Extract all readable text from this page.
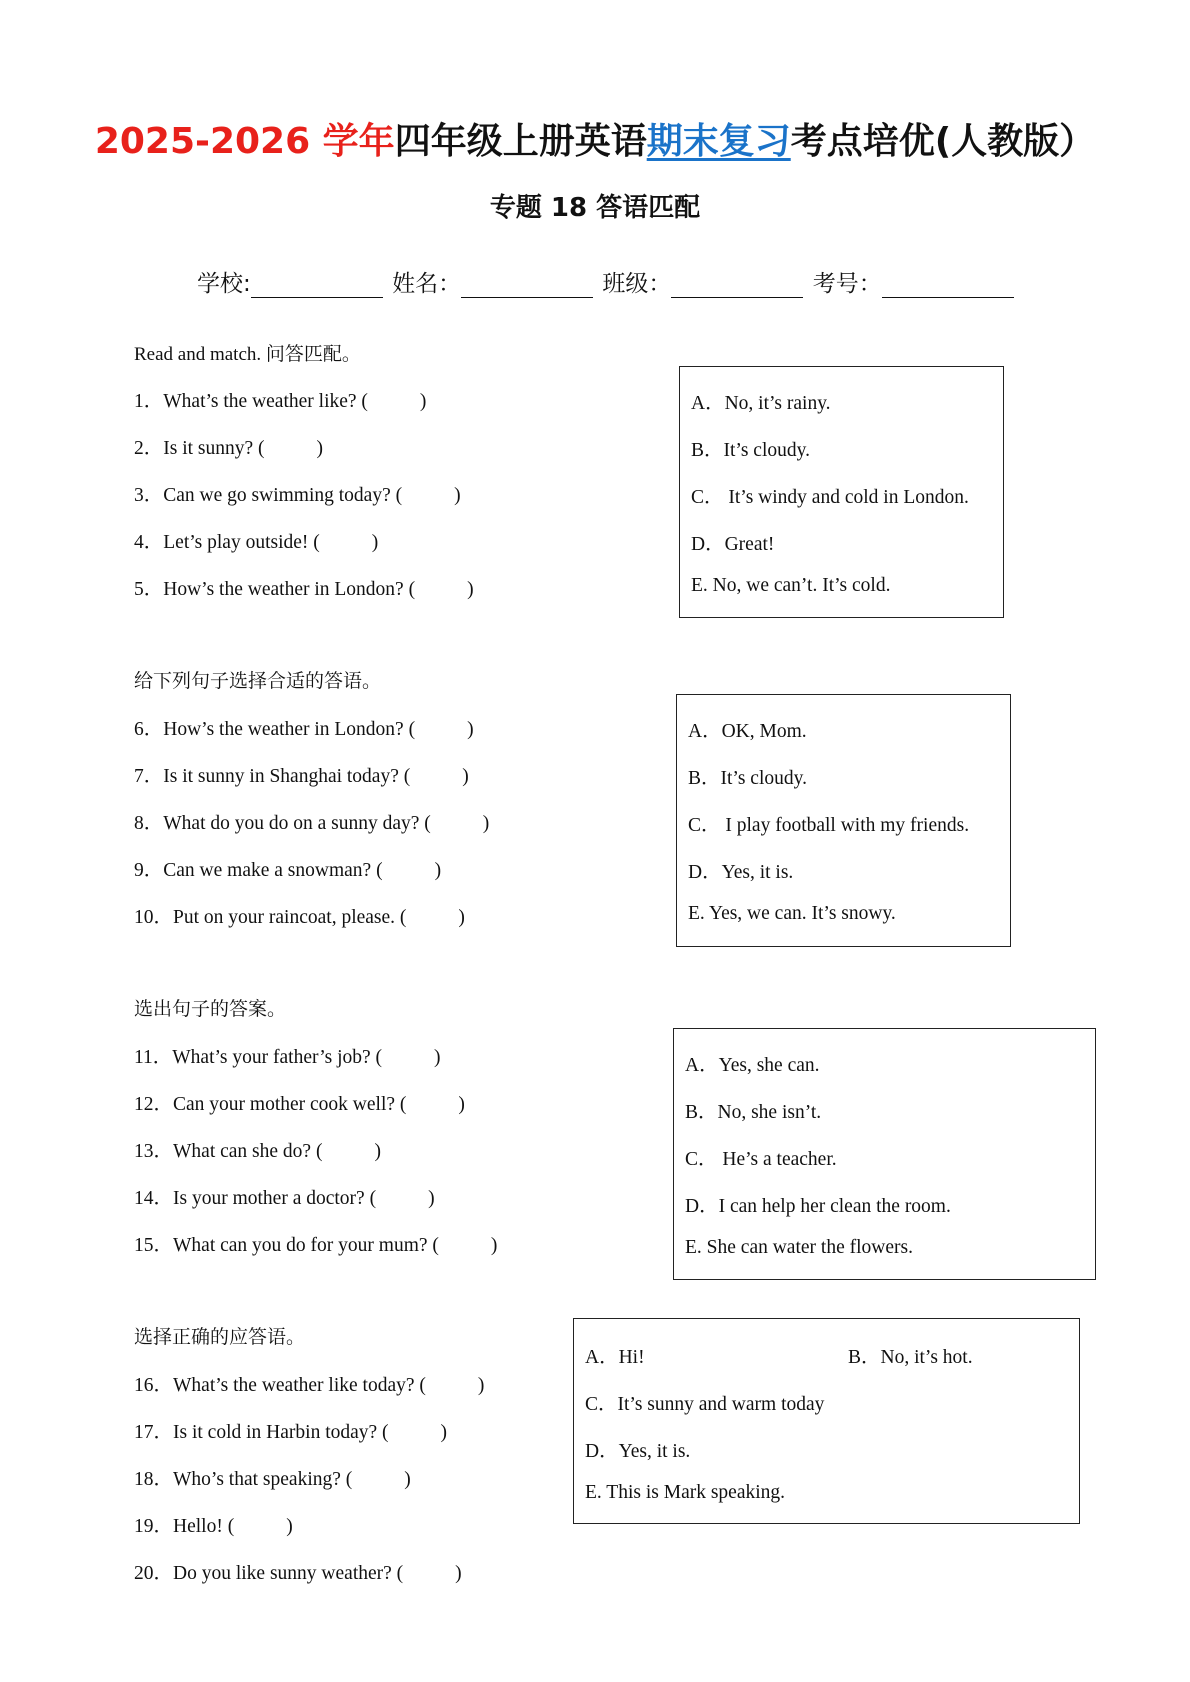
2025-2026 学年四年级上册英语期末复习考点培优(人教版）
专题 18 答语匹配
学校:	姓名：	班级：	考号：
Read and match. 问答匹配。
1．What’s the weather like? (	)
2．Is it sunny? (	)
3．Can we go swimming today? (	)
4．Let’s play outside! (	)
5．How’s the weather in London? (	)
A．No, it’s rainy.
B．It’s cloudy.
C． It’s windy and cold in London.
D．Great!
E. No, we can’t. It’s cold.
给下列句子选择合适的答语。
6．How’s the weather in London? (	)
7．Is it sunny in Shanghai today? (	)
8．What do you do on a sunny day? (	)
9．Can we make a snowman? (	)
10．Put on your raincoat, please. (	)
A．OK, Mom.
B．It’s cloudy.
C． I play football with my friends.
D．Yes, it is.
E. Yes, we can. It’s snowy.
选出句子的答案。
11．What’s your father’s job? (	)
12．Can your mother cook well? (	)
13．What can she do? (	)
14．Is your mother a doctor? (	)
15．What can you do for your mum? (	)
A．Yes, she can.
B．No, she isn’t.
C． He’s a teacher.
D．I can help her clean the room.
E. She can water the flowers.
选择正确的应答语。
16．What’s the weather like today? (	)
17．Is it cold in Harbin today? (	)
18．Who’s that speaking? (	)
19．Hello! (	)
20．Do you like sunny weather? (	)
A．Hi!	B．No, it’s hot.
C．It’s sunny and warm today
D．Yes, it is.
E. This is Mark speaking.
